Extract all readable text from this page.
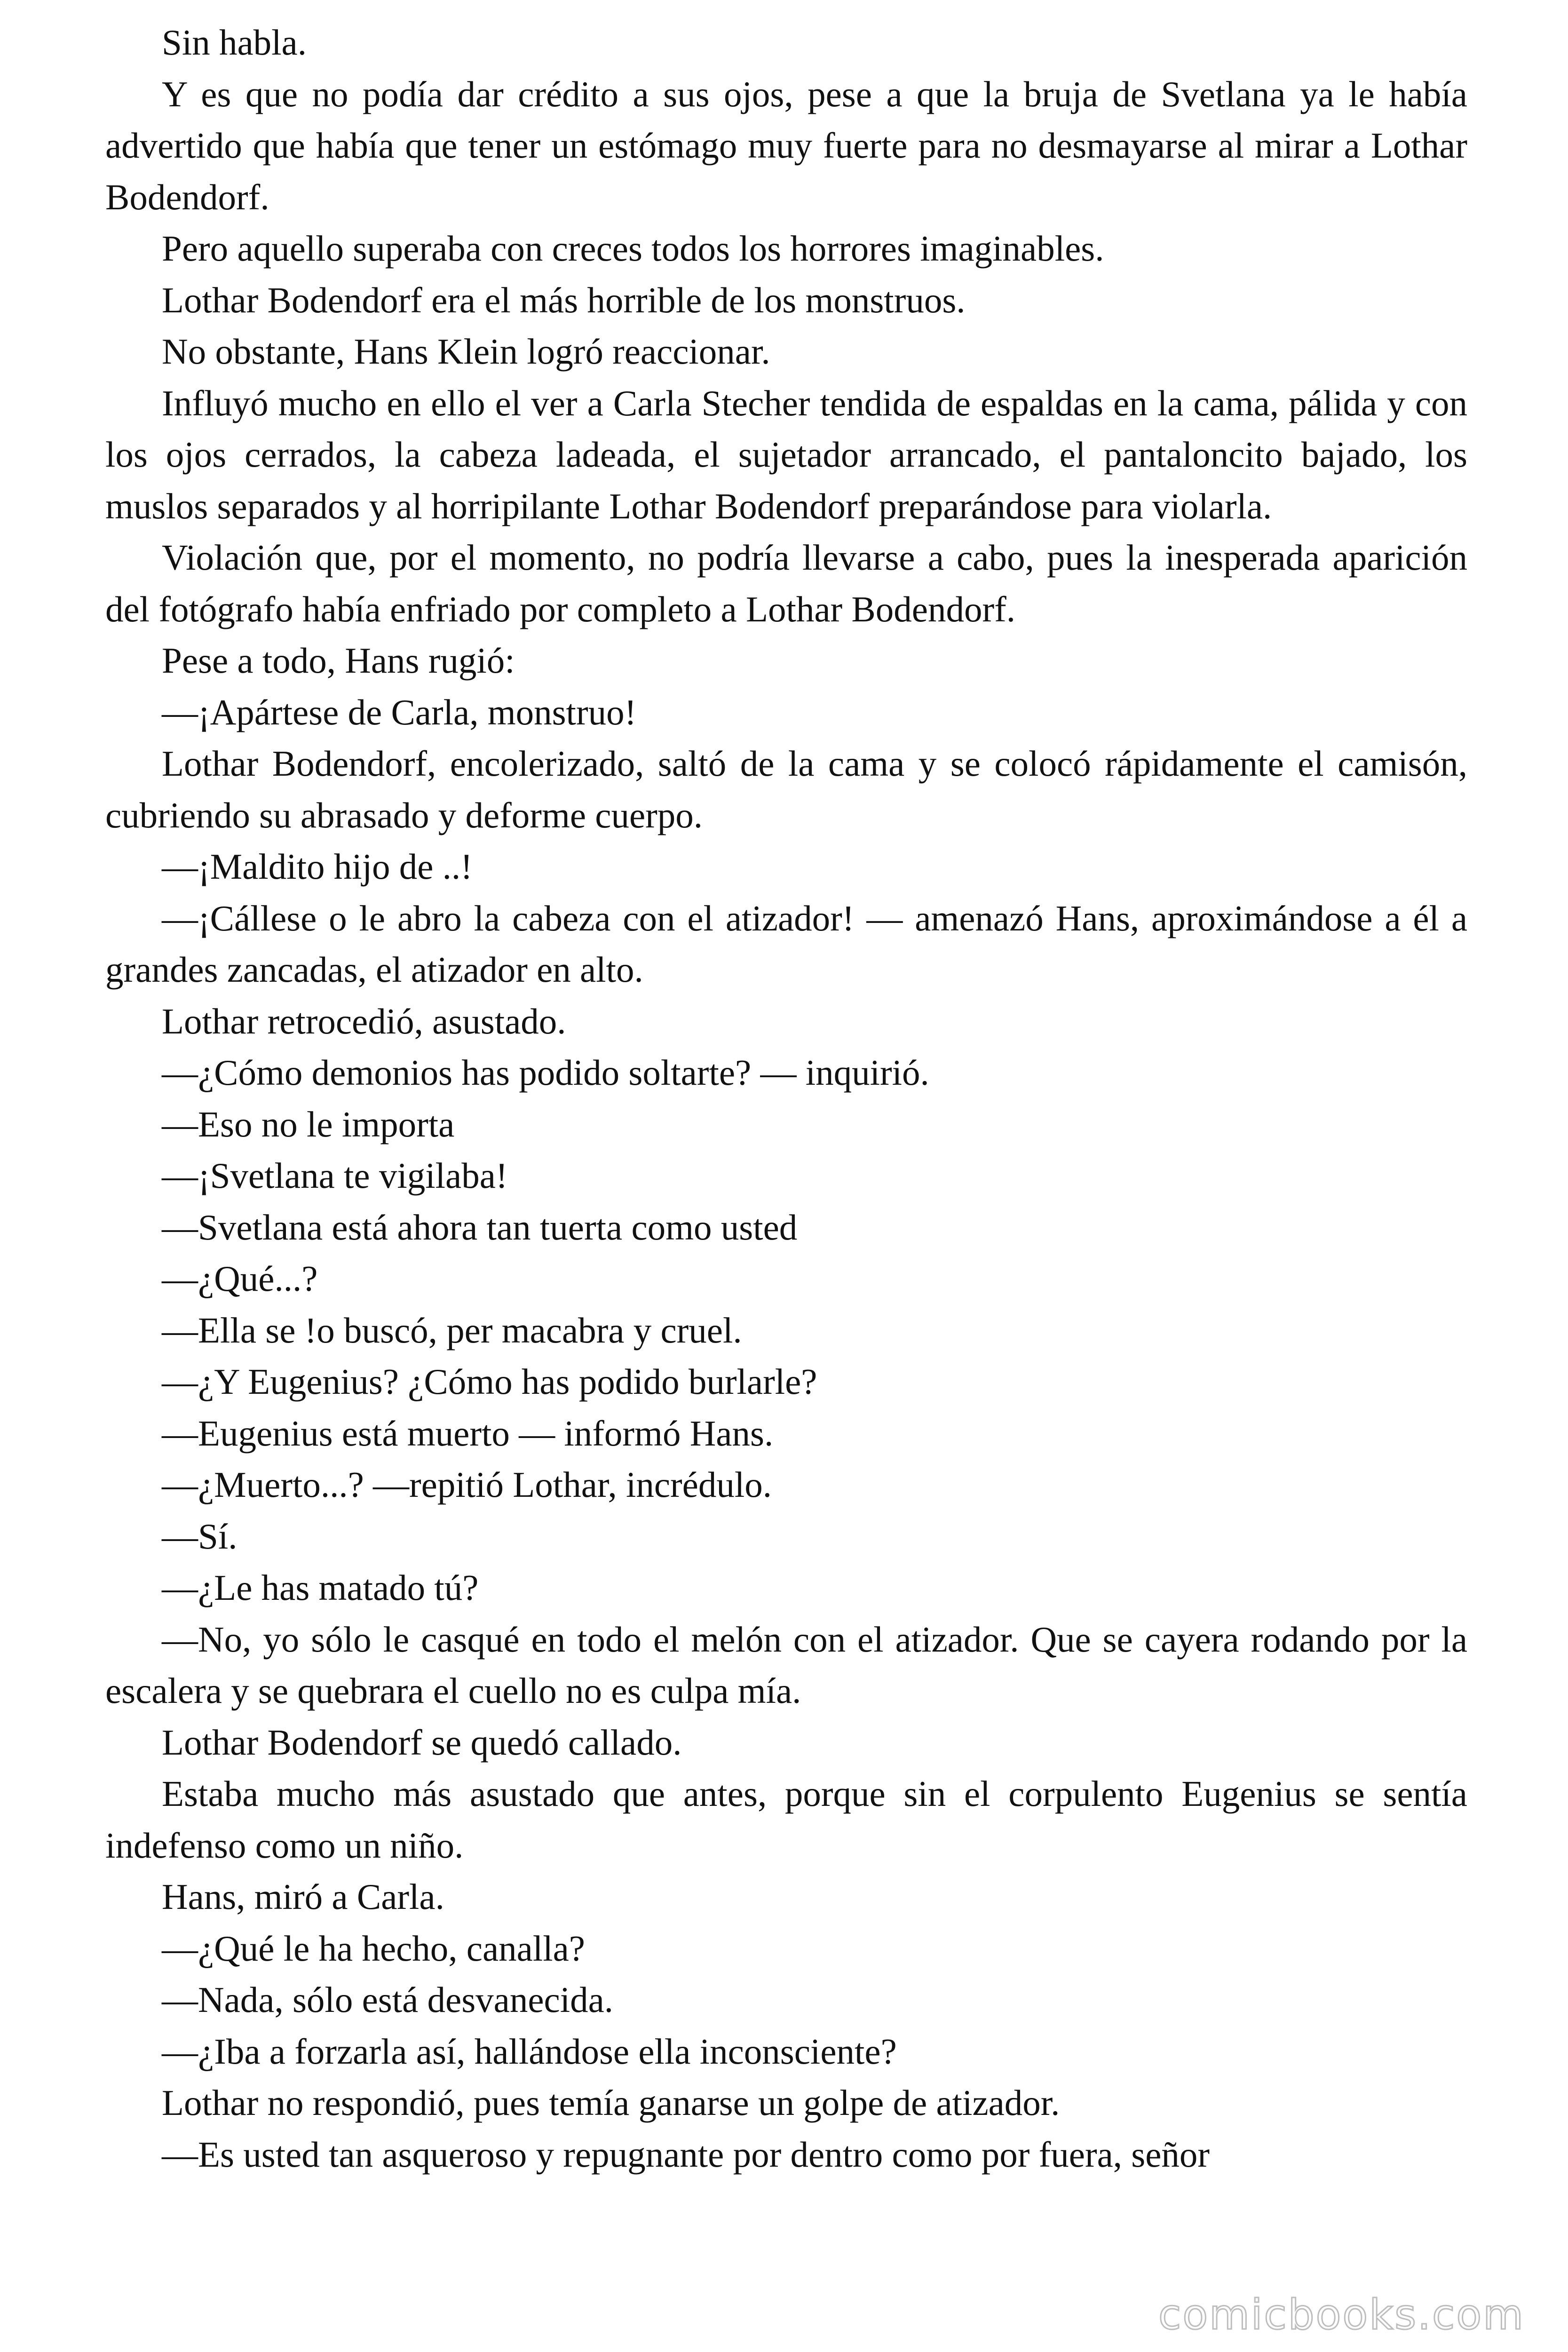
Sin habla.

Y es que no podía dar crédito a sus ojos, pese a que la bruja de Svetlana ya le había advertido que había que tener un estómago muy fuerte para no desmayarse al mirar a Lothar Bodendorf.

Pero aquello superaba con creces todos los horrores imaginables.

Lothar Bodendorf era el más horrible de los monstruos.

No obstante, Hans Klein logró reaccionar.

Influyó mucho en ello el ver a Carla Stecher tendida de espaldas en la cama, pálida y con los ojos cerrados, la cabeza ladeada, el sujetador arrancado, el pantaloncito bajado, los muslos separados y al horripilante Lothar Bodendorf preparándose para violarla.

Violación que, por el momento, no podría llevarse a cabo, pues la inesperada aparición del fotógrafo había enfriado por completo a Lothar Bodendorf.

Pese a todo, Hans rugió:

—¡Apártese de Carla, monstruo!

Lothar Bodendorf, encolerizado, saltó de la cama y se colocó rápidamente el camisón, cubriendo su abrasado y deforme cuerpo.

—¡Maldito hijo de ..!

—¡Cállese o le abro la cabeza con el atizador! — amenazó Hans, aproximándose a él a grandes zancadas, el atizador en alto.

Lothar retrocedió, asustado.

—¿Cómo demonios has podido soltarte? — inquirió.

—Eso no le importa

—¡Svetlana te vigilaba!

—Svetlana está ahora tan tuerta como usted

—¿Qué...?

—Ella se !o buscó, per macabra y cruel.

—¿Y Eugenius? ¿Cómo has podido burlarle?

—Eugenius está muerto — informó Hans.

—¿Muerto...? —repitió Lothar, incrédulo.

—Sí.

—¿Le has matado tú?

—No, yo sólo le casqué en todo el melón con el atizador. Que se cayera rodando por la escalera y se quebrara el cuello no es culpa mía.

Lothar Bodendorf se quedó callado.

Estaba mucho más asustado que antes, porque sin el corpulento Eugenius se sentía indefenso como un niño.

Hans, miró a Carla.

—¿Qué le ha hecho, canalla?

—Nada, sólo está desvanecida.

—¿Iba a forzarla así, hallándose ella inconsciente?

Lothar no respondió, pues temía ganarse un golpe de atizador.

—Es usted tan asqueroso y repugnante por dentro como por fuera, señor

comicbooks.com
